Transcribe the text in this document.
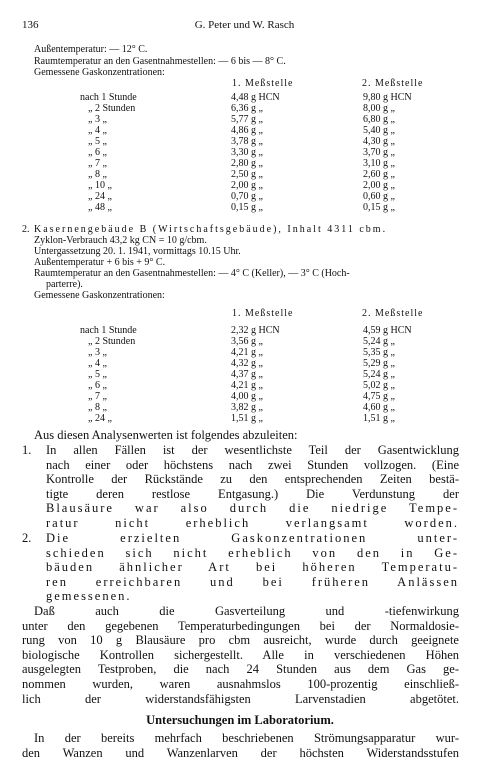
136	G. Peter und W. Rasch
Außentemperatur: — 12° C.
Raumtemperatur an den Gasentnahmestellen: — 6 bis — 8° C.
Gemessene Gaskonzentrationen:
1. Meßstelle	2. Meßstelle
nach 1 Stunde	4,48 g HCN	9,80 g HCN
„ 2 Stunden	6,36 g „	8,00 g „
„ 3 „	5,77 g „	6,80 g „
„ 4 „	4,86 g „	5,40 g „
„ 5 „	3,78 g „	4,30 g „
„ 6 „	3,30 g „	3,70 g „
„ 7 „	2,80 g „	3,10 g „
„ 8 „	2,50 g „	2,60 g „
„ 10 „	2,00 g „	2,00 g „
„ 24 „	0,70 g „	0,60 g „
„ 48 „	0,15 g „	0,15 g „
2. Kasernengebäude B (Wirtschaftsgebäude), Inhalt 4311 cbm.
Zyklon-Verbrauch 43,2 kg CN = 10 g/cbm.
Untergassetzung 20. 1. 1941, vormittags 10.15 Uhr.
Außentemperatur + 6 bis + 9° C.
Raumtemperatur an den Gasentnahmestellen: — 4° C (Keller), — 3° C (Hoch-
parterre).
Gemessene Gaskonzentrationen:
1. Meßstelle	2. Meßstelle
nach 1 Stunde	2,32 g HCN	4,59 g HCN
„ 2 Stunden	3,56 g „	5,24 g „
„ 3 „	4,21 g „	5,35 g „
„ 4 „	4,32 g „	5,29 g „
„ 5 „	4,37 g „	5,24 g „
„ 6 „	4,21 g „	5,02 g „
„ 7 „	4,00 g „	4,75 g „
„ 8 „	3,82 g „	4,60 g „
„ 24 „	1,51 g „	1,51 g „
Aus diesen Analysenwerten ist folgendes abzuleiten:
1. In allen Fällen ist der wesentlichste Teil der Gasentwicklung
nach einer oder höchstens nach zwei Stunden vollzogen. (Eine
Kontrolle der Rückstände zu den entsprechenden Zeiten bestä-
tigte deren restlose Entgasung.) Die Verdunstung der
Blausäure war also durch die niedrige Tempe-
ratur nicht erheblich verlangsamt worden.
2. Die erzielten Gaskonzentrationen unter-
schieden sich nicht erheblich von den in Ge-
bäuden ähnlicher Art bei höheren Temperatu-
ren erreichbaren und bei früheren Anlässen
gemessenen.
Daß auch die Gasverteilung und -tiefenwirkung
unter den gegebenen Temperaturbedingungen bei der Normaldosie-
rung von 10 g Blausäure pro cbm ausreicht, wurde durch geeignete
biologische Kontrollen sichergestellt. Alle in verschiedenen Höhen
ausgelegten Testproben, die nach 24 Stunden aus dem Gas ge-
nommen wurden, waren ausnahmslos 100-prozentig einschließ-
lich der widerstandsfähigsten Larvenstadien abgetötet.
Untersuchungen im Laboratorium.
In der bereits mehrfach beschriebenen Strömungsapparatur wur-
den Wanzen und Wanzenlarven der höchsten Widerstandsstufen
